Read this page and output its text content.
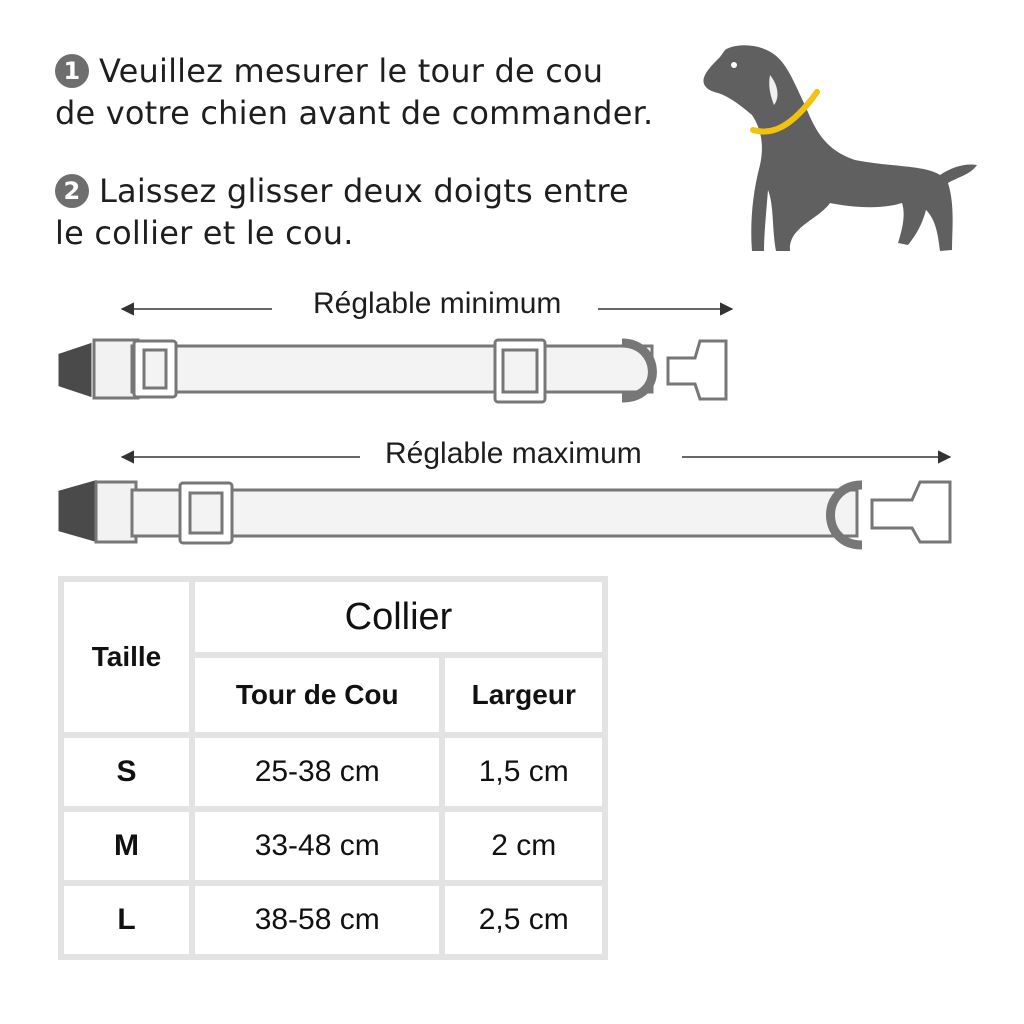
1 Veuillez mesurer le tour de cou
de votre chien avant de commander.
2 Laissez glisser deux doigts entre
le collier et le cou.
Réglable minimum
Réglable maximum
Taille	Collier	
	Tour de Cou	Largeur
S	25-38 cm	1,5 cm
M	33-48 cm	2 cm
L	38-58 cm	2,5 cm
